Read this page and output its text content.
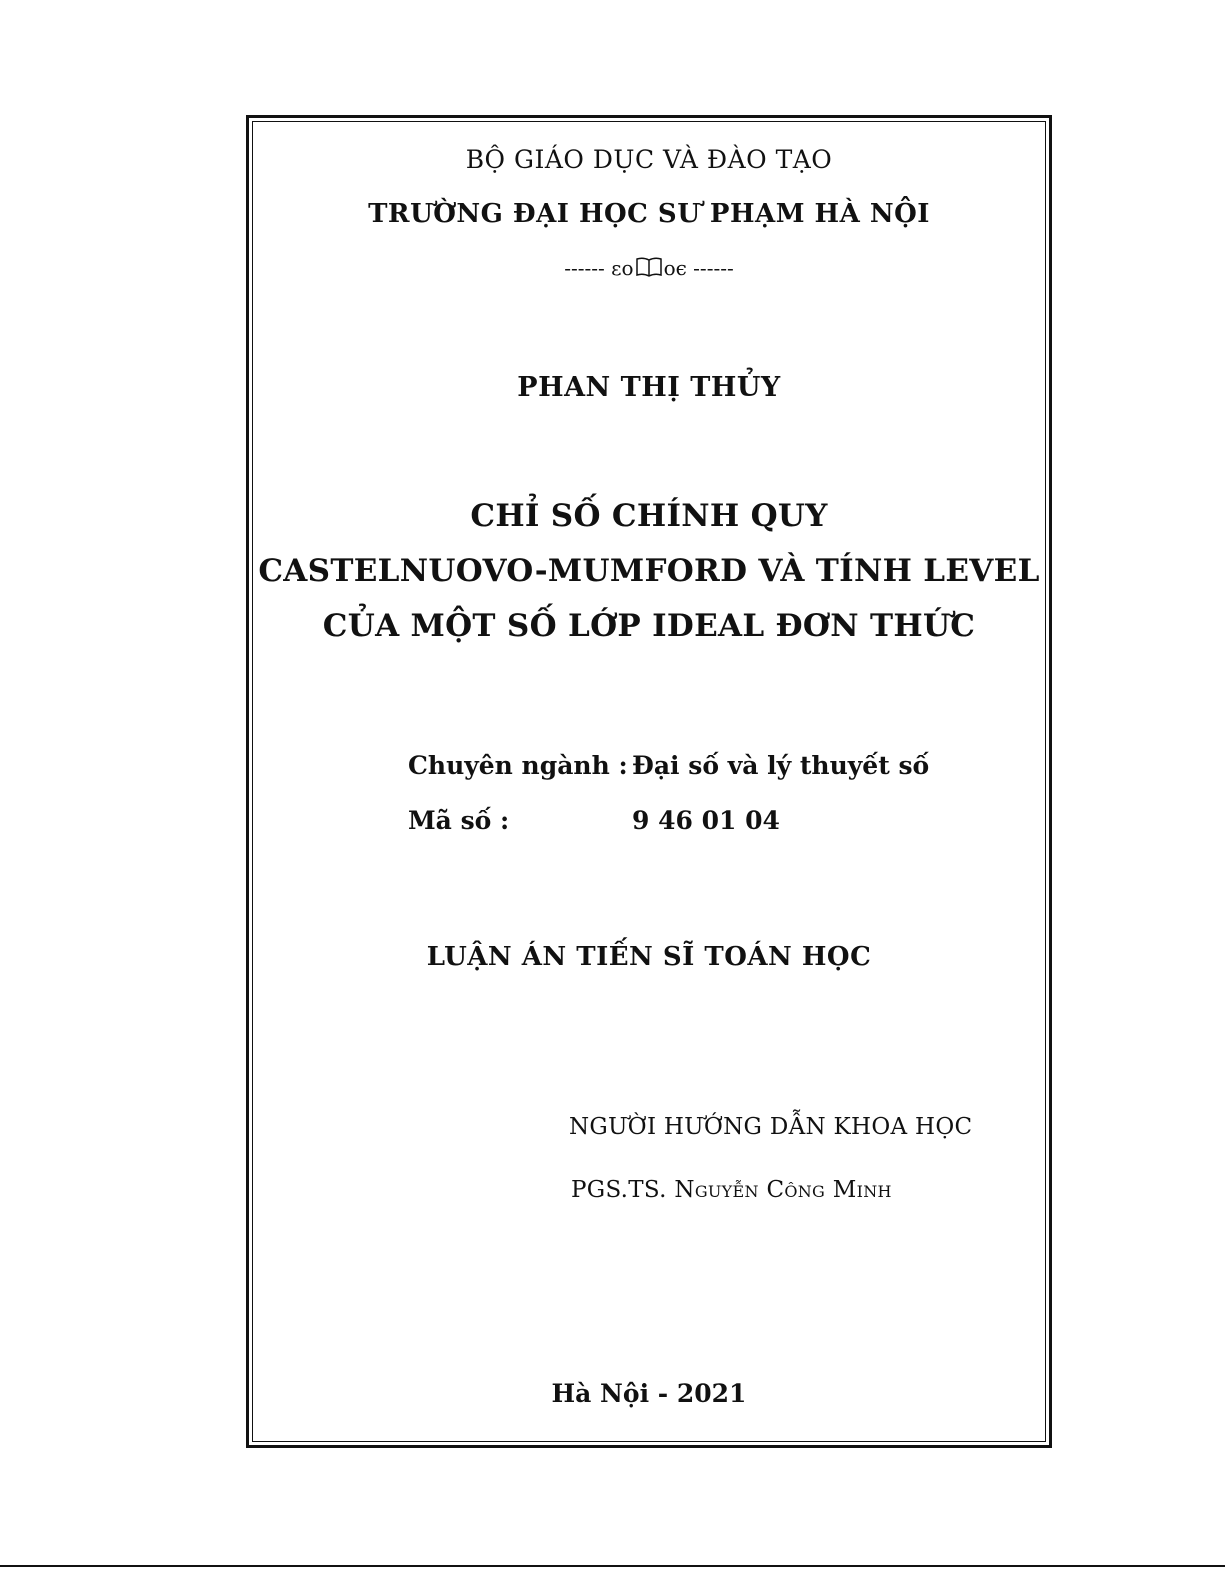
BỘ GIÁO DỤC VÀ ĐÀO TẠO
TRƯỜNG ĐẠI HỌC SƯ PHẠM HÀ NỘI
------ εο οє ------
PHAN THỊ THỦY
CHỈ SỐ CHÍNH QUY
CASTELNUOVO-MUMFORD VÀ TÍNH LEVEL
CỦA MỘT SỐ LỚP IDEAL ĐƠN THỨC
Chuyên ngành : Đại số và lý thuyết số
Mã số :	9 46 01 04
LUẬN ÁN TIẾN SĨ TOÁN HỌC
NGƯỜI HƯỚNG DẪN KHOA HỌC
PGS.TS. Nguyễn Công Minh
Hà Nội - 2021
